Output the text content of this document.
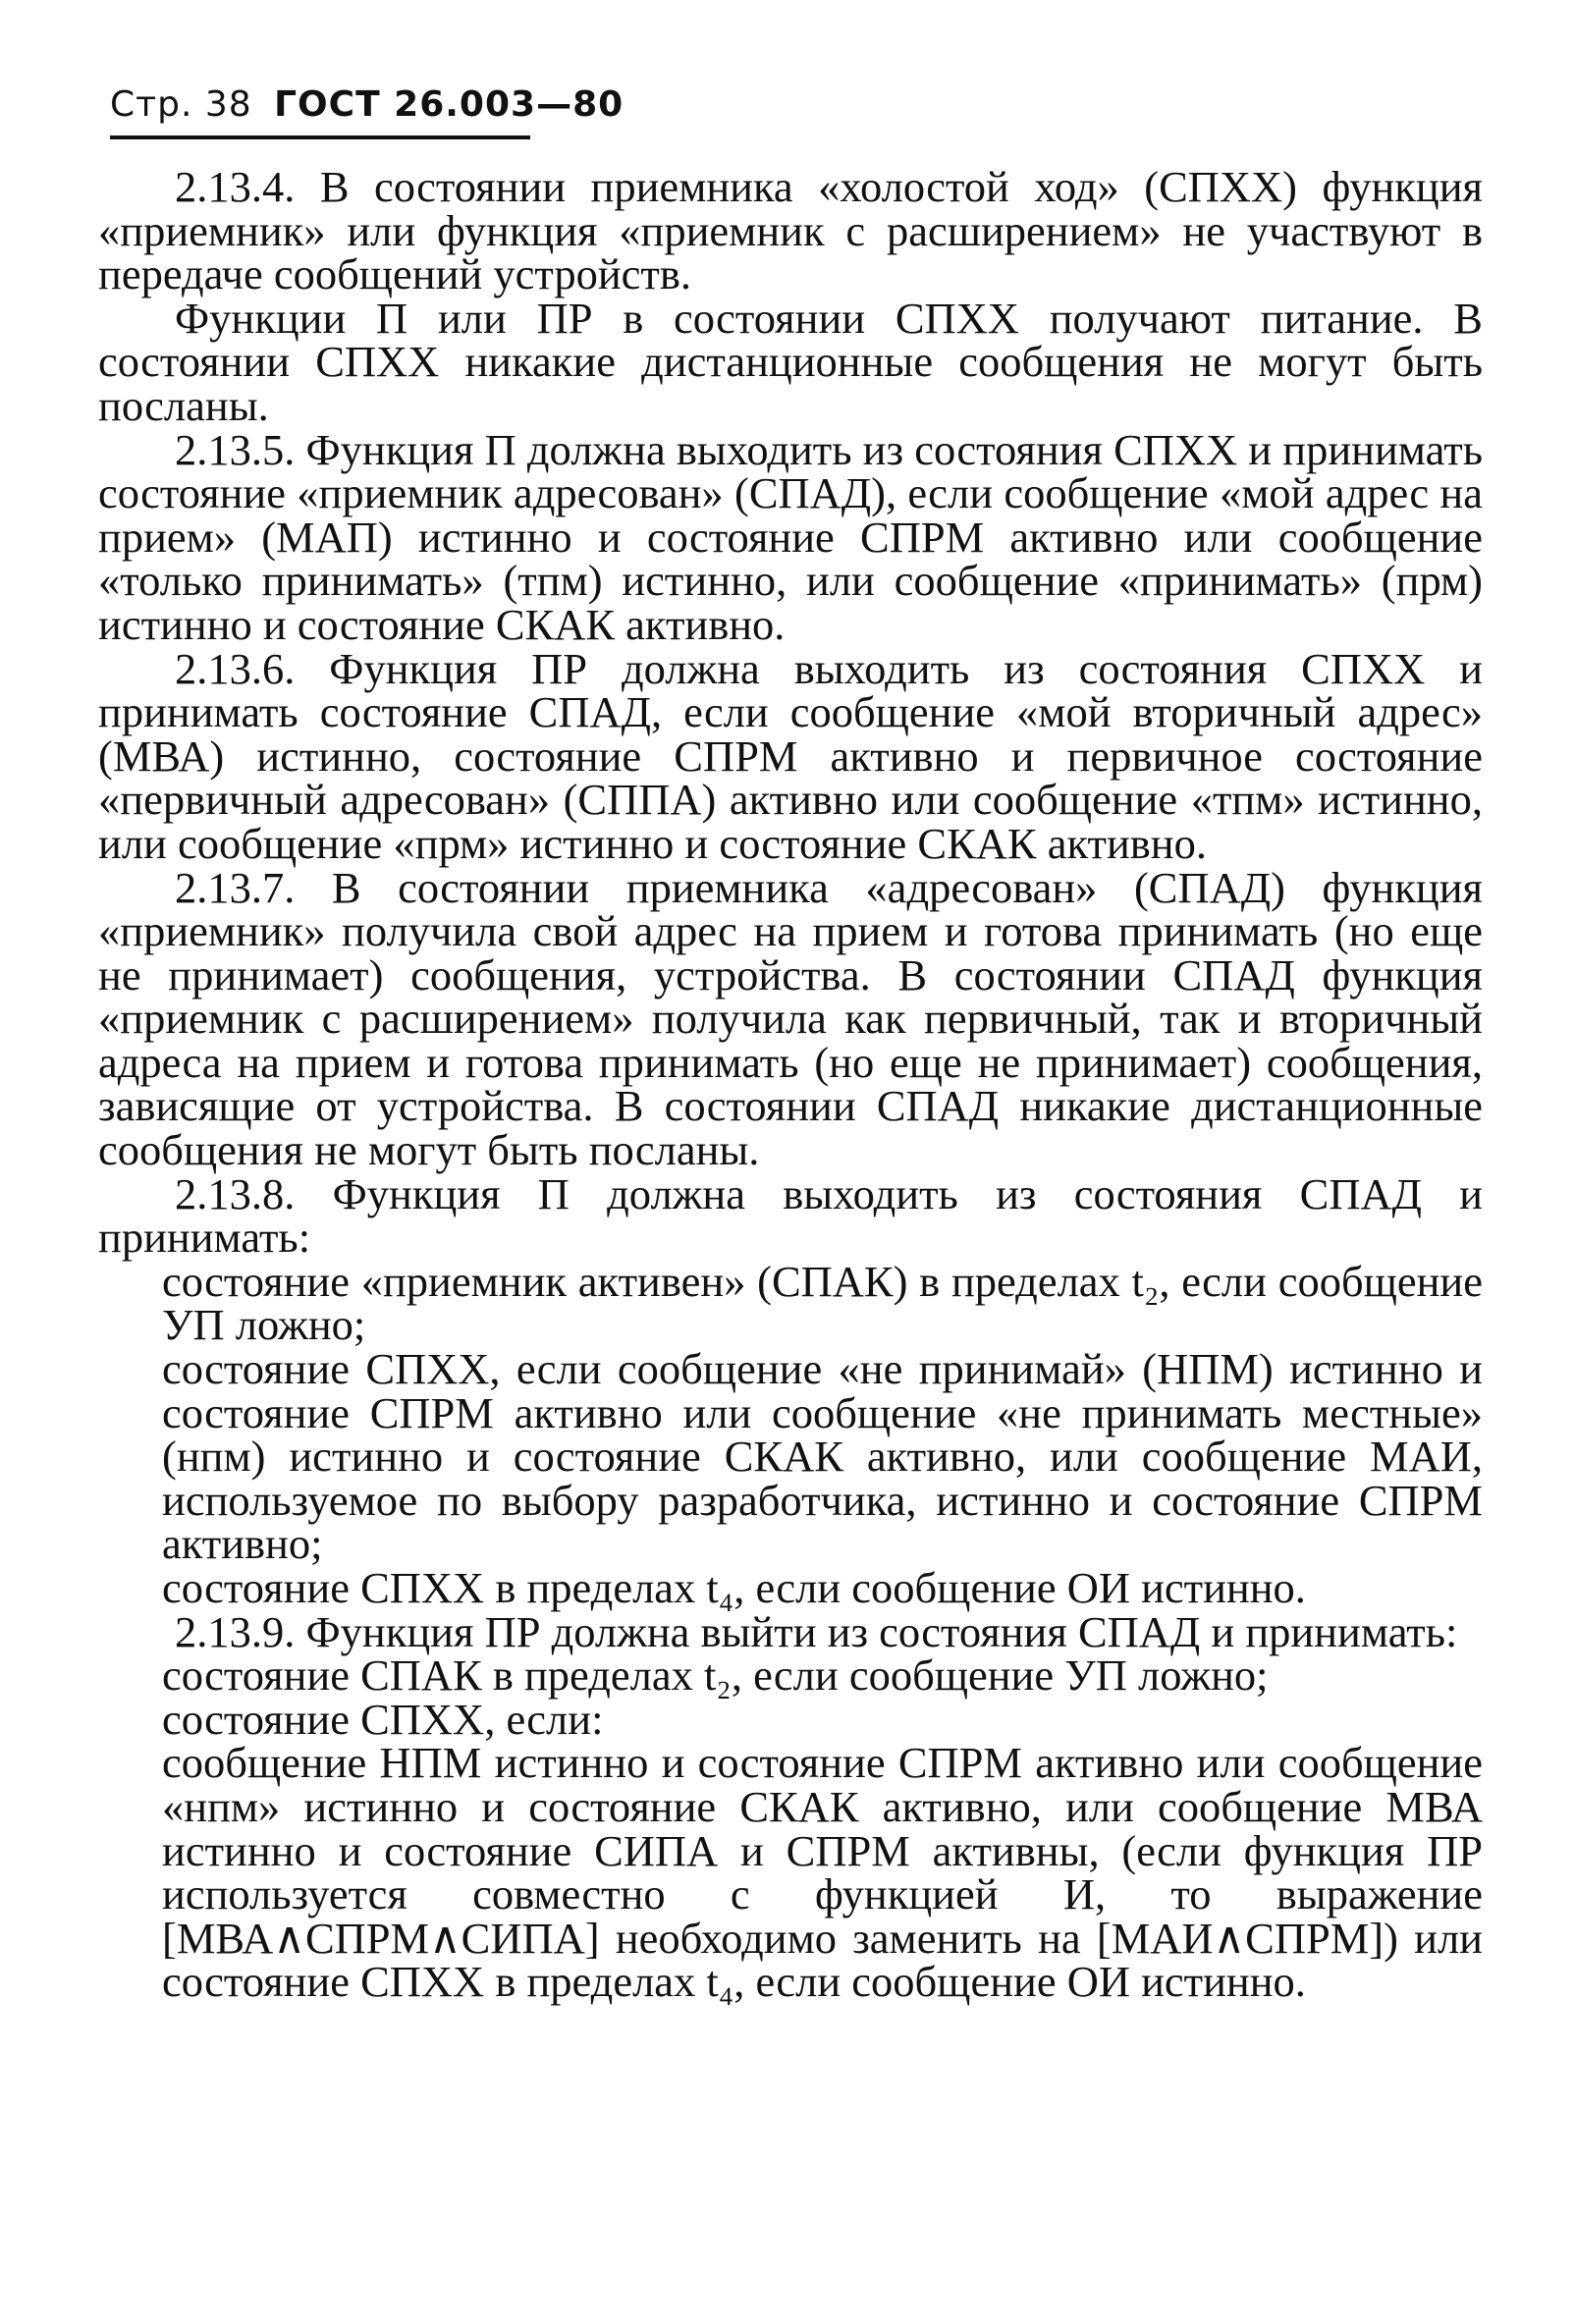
Стр. 38 ГОСТ 26.003—80

2.13.4. В состоянии приемника «холостой ход» (СПХХ) функция «приемник» или функция «приемник с расширением» не участвуют в передаче сообщений устройств.

Функции П или ПР в состоянии СПХХ получают питание. В состоянии СПХХ никакие дистанционные сообщения не могут быть посланы.

2.13.5. Функция П должна выходить из состояния СПХХ и принимать состояние «приемник адресован» (СПАД), если сообщение «мой адрес на прием» (МАП) истинно и состояние СПРМ активно или сообщение «только принимать» (тпм) истинно, или сообщение «принимать» (прм) истинно и состояние СКАК активно.

2.13.6. Функция ПР должна выходить из состояния СПХХ и принимать состояние СПАД, если сообщение «мой вторичный адрес» (МВА) истинно, состояние СПРМ активно и первичное состояние «первичный адресован» (СППА) активно или сообщение «тпм» истинно, или сообщение «прм» истинно и состояние СКАК активно.

2.13.7. В состоянии приемника «адресован» (СПАД) функция «приемник» получила свой адрес на прием и готова принимать (но еще не принимает) сообщения, устройства. В состоянии СПАД функция «приемник с расширением» получила как первичный, так и вторичный адреса на прием и готова принимать (но еще не принимает) сообщения, зависящие от устройства. В состоянии СПАД никакие дистанционные сообщения не могут быть посланы.

2.13.8. Функция П должна выходить из состояния СПАД и принимать:

состояние «приемник активен» (СПАК) в пределах t₂, если сообщение УП ложно;

состояние СПХХ, если сообщение «не принимай» (НПМ) истинно и состояние СПРМ активно или сообщение «не принимать местные» (нпм) истинно и состояние СКАК активно, или сообщение МАИ, используемое по выбору разработчика, истинно и состояние СПРМ активно;

состояние СПХХ в пределах t₄, если сообщение ОИ истинно.

2.13.9. Функция ПР должна выйти из состояния СПАД и принимать:

состояние СПАК в пределах t₂, если сообщение УП ложно;

состояние СПХХ, если:

сообщение НПМ истинно и состояние СПРМ активно или сообщение «нпм» истинно и состояние СКАК активно, или сообщение МВА истинно и состояние СИПА и СПРМ активны, (если функция ПР используется совместно с функцией И, то выражение [МВА∧СПРМ∧СИПА] необходимо заменить на [МАИ∧СПРМ]) или состояние СПХХ в пределах t₄, если сообщение ОИ истинно.
